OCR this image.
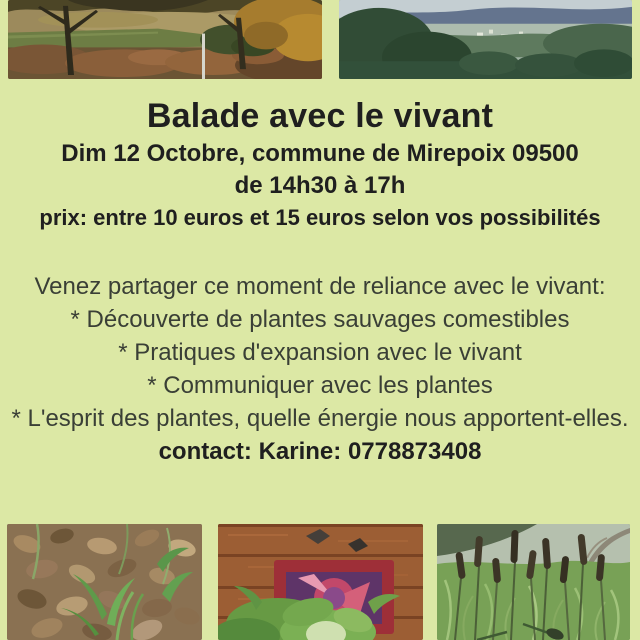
Balade avec le vivant
Dim 12 Octobre, commune de Mirepoix 09500
de 14h30 à 17h
prix: entre 10 euros et 15 euros selon vos possibilités
Venez partager ce moment de reliance avec le vivant:
* Découverte de plantes sauvages comestibles
* Pratiques d'expansion avec le vivant
* Communiquer avec les plantes
* L'esprit des plantes, quelle énergie nous apportent-elles.
contact: Karine: 0778873408
